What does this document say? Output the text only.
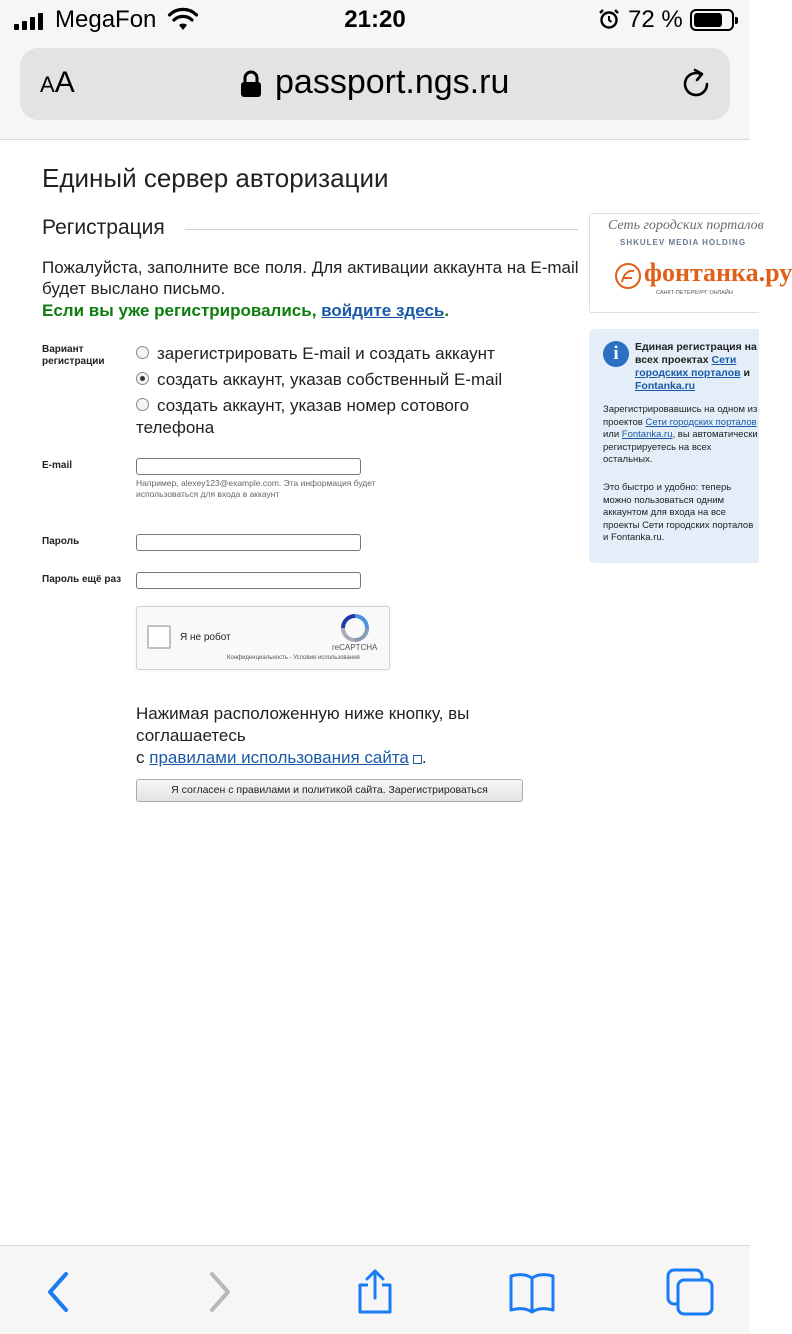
MegaFon	21:20	72 %
AA	passport.ngs.ru
Единый сервер авторизации
Регистрация
Пожалуйста, заполните все поля. Для активации аккаунта на E-mail будет выслано письмо.
Если вы уже регистрировались, войдите здесь.
Вариант регистрации	зарегистрировать E-mail и создать аккаунт
создать аккаунт, указав собственный E-mail
создать аккаунт, указав номер сотового телефона
E-mail
Например, alexey123@example.com. Эта информация будет использоваться для входа в аккаунт
Пароль
Пароль ещё раз
Я не робот
reCAPTCHA
Конфиденциальность - Условия использования
Нажимая расположенную ниже кнопку, вы соглашаетесь
с правилами использования сайта .
Я согласен с правилами и политикой сайта. Зарегистрироваться
Сеть городских порталов
SHKULEV MEDIA HOLDING
фонтанка.ру
САНКТ-ПЕТЕРБУРГ ОНЛАЙН
i	Единая регистрация на всех проектах Сети городских порталов и Fontanka.ru
Зарегистрировавшись на одном из проектов Сети городских порталов или Fontanka.ru, вы автоматически регистрируетесь на всех остальных.
Это быстро и удобно: теперь можно пользоваться одним аккаунтом для входа на все проекты Сети городских порталов и Fontanka.ru.
